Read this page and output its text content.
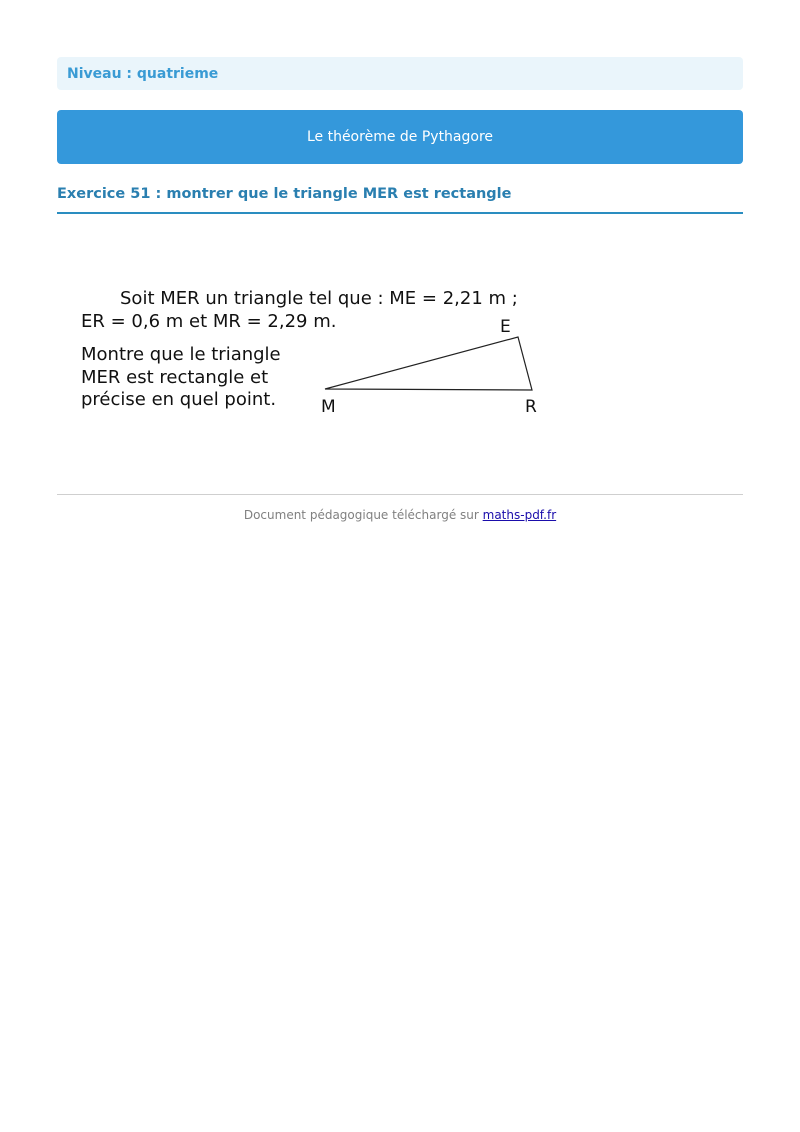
Niveau : quatrieme
Le théorème de Pythagore
Exercice 51 : montrer que le triangle MER est rectangle
Soit MER un triangle tel que : ME = 2,21 m ;
ER = 0,6 m et MR = 2,29 m.
Montre que le triangle
MER est rectangle et
précise en quel point.
E
M	R
Document pédagogique téléchargé sur maths-pdf.fr
